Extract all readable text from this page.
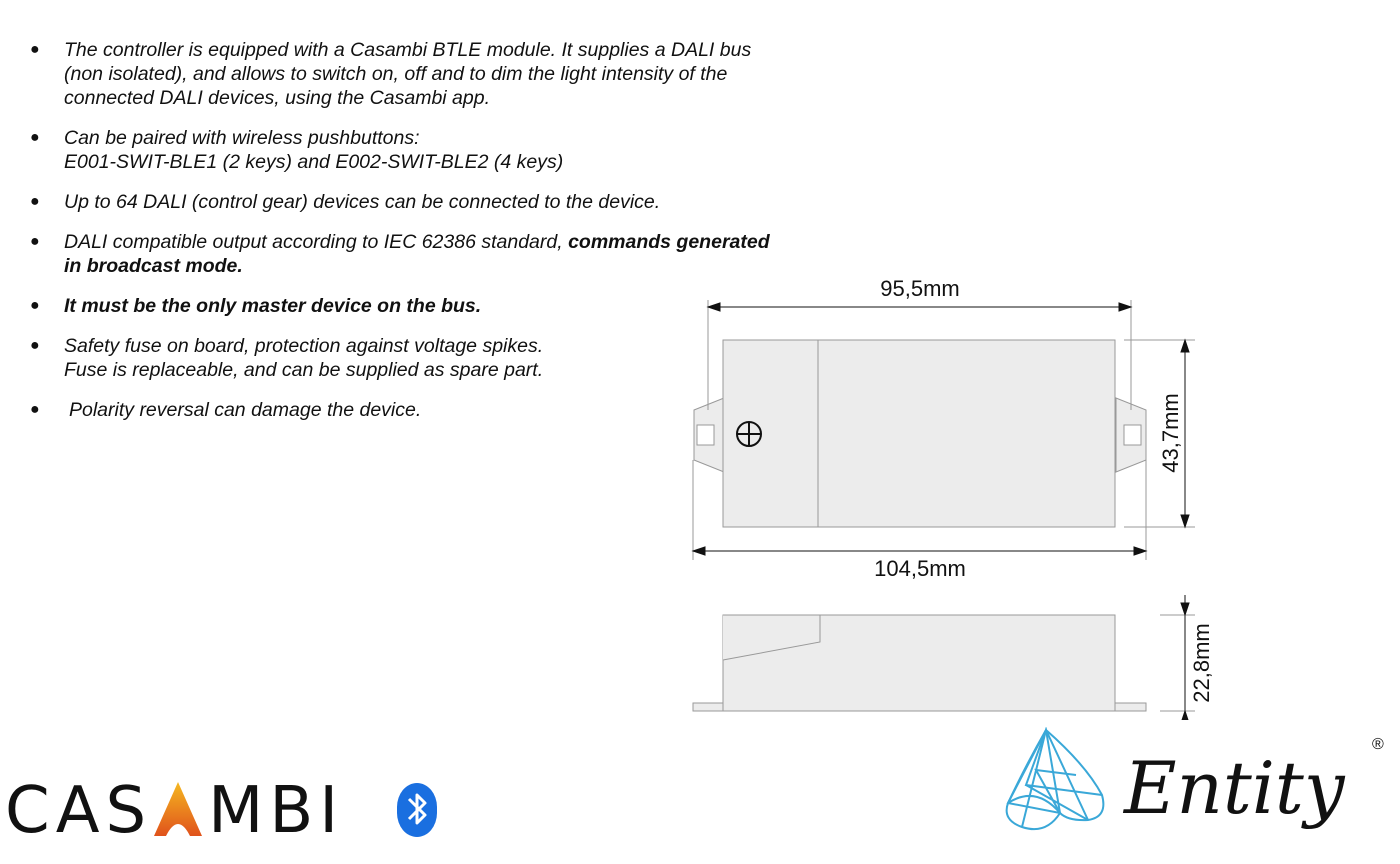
● The controller is equipped with a Casambi BTLE module. It supplies a DALI bus
(non isolated), and allows to switch on, off and to dim the light intensity of the
connected DALI devices, using the Casambi app.
● Can be paired with wireless pushbuttons:
E001-SWIT-BLE1 (2 keys) and E002-SWIT-BLE2 (4 keys)
● Up to 64 DALI (control gear) devices can be connected to the device.
● DALI compatible output according to IEC 62386 standard, commands generated
in broadcast mode.
● It must be the only master device on the bus.
● Safety fuse on board, protection against voltage spikes.
Fuse is replaceable, and can be supplied as spare part.
● Polarity reversal can damage the device.
95,5mm
104,5mm
43,7mm
22,8mm
CAS MBI	Entity
®
